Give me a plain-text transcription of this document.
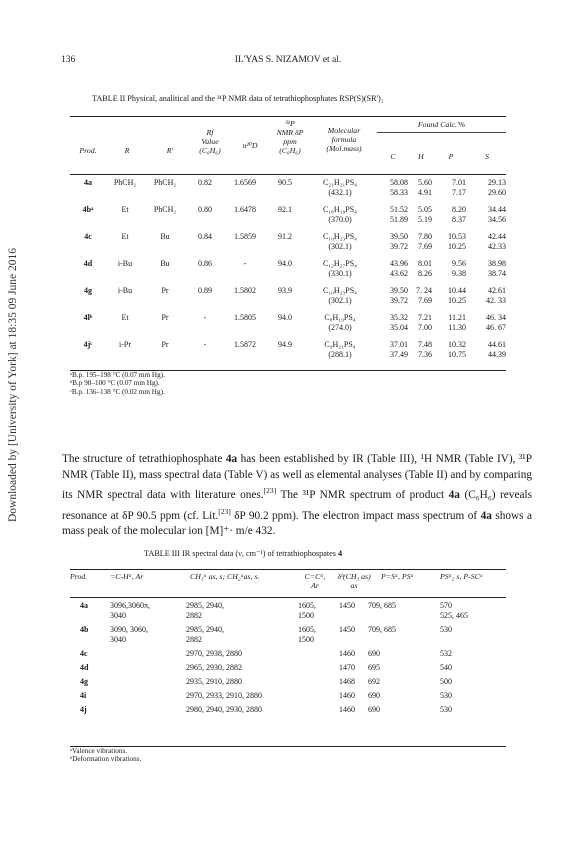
Downloaded by [University of York] at 18:35 09 June 2016
136	IL'YAS S. NIZAMOV et al.
TABLE II Physical, analitical and the ³¹P NMR data of tetrathiophosphates RSP(S)(SR')₂
Prod.	R	R'
Rf
Value
(C₆H₆)
n²⁰D
³¹P
NMR δP
ppm
(C₆H₆)
Molecular
formula
(Mol.mass)
Found Calc.'%
C	H	P	S
4a	PhCH₂	PhCH₂	0.82	1.6569	90.5	C₂₁H₂₁PS₄	58.08	5.60	7.01	29.13
						(432.1)	58.33	4.91	7.17	29.60
4bᵃ	Et	PhCH₂	0.80	1.6478	92.1	C₁₆H₁₉PS₄	51.52	5.05	8.20	34.44
						(370.0)	51.89	5.19	8.37	34.56
4c	Et	Bu	0.84	1.5859	91.2	C₁₀H₂₃PS₄	39.50	7.80	10.53	42.44
						(302.1)	39.72	7.69	10.25	42.33
4d	i-Bu	Bu	0.86	-	94.0	C₁₂H₂₇PS₄	43.96	8.01	9.56	38.98
						(330.1)	43.62	8.26	9.38	38.74
4g	i-Bu	Pr	0.89	1.5802	93.9	C₁₀H₂₃PS₄	39.50	7. 24	10.44	42.61
						(302.1)	39.72	7.69	10.25	42. 33
4lᵇ	Et	Pr	-	1.5805	94.0	C₈H₁₉PS₄	35.32	7.21	11.21	46. 34
						(274.0)	35.04	7.00	11.30	46. 67
4jᶜ	i-Pr	Pr	-	1.5872	94.9	C₉H₂₁PS₄	37.01	7.48	10.32	44.61
						(288.1)	37.49	7.36	10.75	44.39
ᵃB.p. 195–198 °C (0.07 mm Hg).
ᵇB.p 98–100 °C (0.07 mm Hg).
ᶜB.p. 136–138 °C (0.02 mm Hg).
The structure of tetrathiophosphate 4a has been established by IR (Table III), ¹H NMR (Table IV), ³¹P NMR (Table II), mass spectral data (Table V) as well as elemental analyses (Table II) and by comparing its NMR spectral data with literature ones.[23] The ³¹P NMR spectrum of product 4a (C₆H₆) reveals resonance at δP 90.5 ppm (cf. Lit.[23] δP 90.2 ppm). The electron impact mass spectrum of 4a shows a mass peak of the molecular ion [M]⁺· m/e 432.
TABLE III IR spectral data (ν, cm⁻¹) of tetrathiophospates 4
Prod.	=C-Hᵃ, Ar	CH₃ᵃ as, s; CH₂ᵃas, s.	C=Cᵃ,
Ar
δᵇ(CH₃ as)
as
P=Sᵃ, PSᵃ	PSᵃ₂ s, P-SCᵃ
4a	3096,3060π,	2985, 2940,	1605,	1450	709, 685	570
	3040	2882	1500			525, 465
4b	3090, 3060,	2985, 2940,	1605,	1450	709, 685	530
	3040	2882	1500			
4c		2970, 2938, 2880		1460	690	532
4d		2965, 2930, 2882		1470	695	540
4g		2935, 2910, 2880		1468	692	500
4i		2970, 2933, 2910, 2880		1460	690	530
4j		2980, 2940, 2930, 2880		1460	690	530
ᵃValence vibrations.
ᵇDeformation vibrations.
